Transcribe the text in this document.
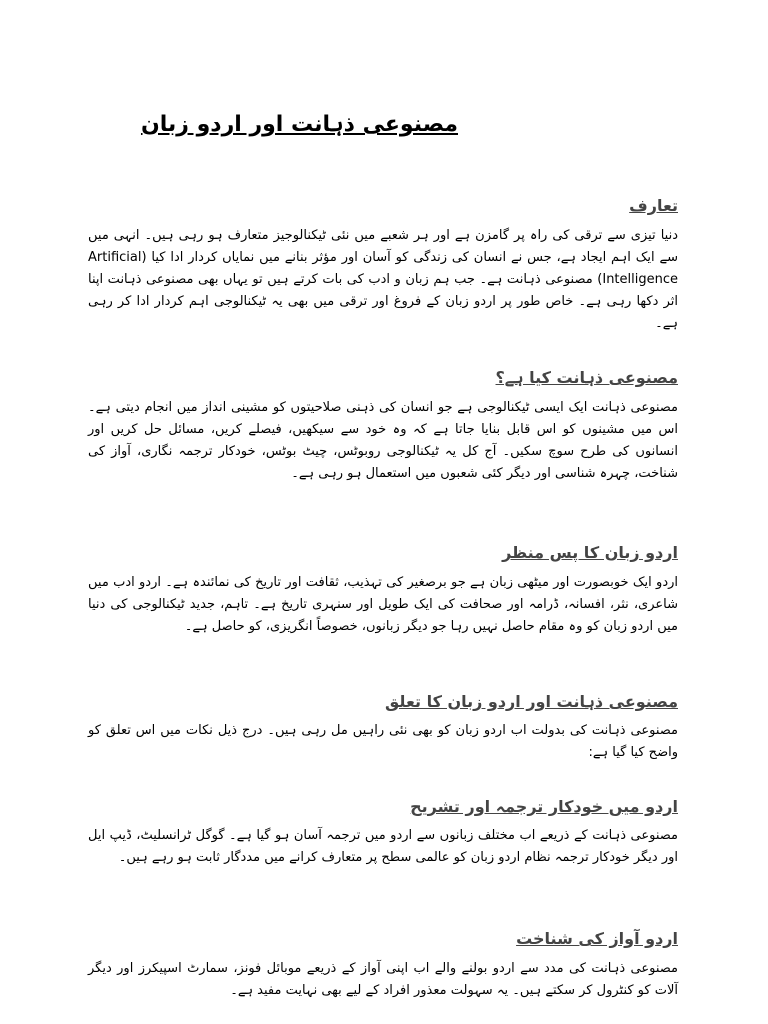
مصنوعی ذہانت اور اردو زبان
تعارف

دنیا تیزی سے ترقی کی راہ پر گامزن ہے اور ہر شعبے میں نئی ٹیکنالوجیز متعارف ہو رہی ہیں۔ انہی میں سے ایک اہم ایجاد ہے، جس نے انسان کی زندگی کو آسان اور مؤثر بنانے میں نمایاں کردار ادا کیا (Artificial Intelligence) مصنوعی ذہانت ہے۔ جب ہم زبان و ادب کی بات کرتے ہیں تو یہاں بھی مصنوعی ذہانت اپنا اثر دکھا رہی ہے۔ خاص طور پر اردو زبان کے فروغ اور ترقی میں بھی یہ ٹیکنالوجی اہم کردار ادا کر رہی ہے۔

مصنوعی ذہانت کیا ہے؟

مصنوعی ذہانت ایک ایسی ٹیکنالوجی ہے جو انسان کی ذہنی صلاحیتوں کو مشینی انداز میں انجام دیتی ہے۔ اس میں مشینوں کو اس قابل بنایا جاتا ہے کہ وہ خود سے سیکھیں، فیصلے کریں، مسائل حل کریں اور انسانوں کی طرح سوچ سکیں۔ آج کل یہ ٹیکنالوجی روبوٹس، چیٹ بوٹس، خودکار ترجمہ نگاری، آواز کی شناخت، چہرہ شناسی اور دیگر کئی شعبوں میں استعمال ہو رہی ہے۔

اردو زبان کا پس منظر

اردو ایک خوبصورت اور میٹھی زبان ہے جو برصغیر کی تہذیب، ثقافت اور تاریخ کی نمائندہ ہے۔ اردو ادب میں شاعری، نثر، افسانہ، ڈرامہ اور صحافت کی ایک طویل اور سنہری تاریخ ہے۔ تاہم، جدید ٹیکنالوجی کی دنیا میں اردو زبان کو وہ مقام حاصل نہیں رہا جو دیگر زبانوں، خصوصاً انگریزی، کو حاصل ہے۔

مصنوعی ذہانت اور اردو زبان کا تعلق

مصنوعی ذہانت کی بدولت اب اردو زبان کو بھی نئی راہیں مل رہی ہیں۔ درج ذیل نکات میں اس تعلق کو واضح کیا گیا ہے:

اردو میں خودکار ترجمہ اور تشریح

مصنوعی ذہانت کے ذریعے اب مختلف زبانوں سے اردو میں ترجمہ آسان ہو گیا ہے۔ گوگل ٹرانسلیٹ، ڈیپ ایل اور دیگر خودکار ترجمہ نظام اردو زبان کو عالمی سطح پر متعارف کرانے میں مددگار ثابت ہو رہے ہیں۔

اردو آواز کی شناخت

مصنوعی ذہانت کی مدد سے اردو بولنے والے اب اپنی آواز کے ذریعے موبائل فونز، سمارٹ اسپیکرز اور دیگر آلات کو کنٹرول کر سکتے ہیں۔ یہ سہولت معذور افراد کے لیے بھی نہایت مفید ہے۔
